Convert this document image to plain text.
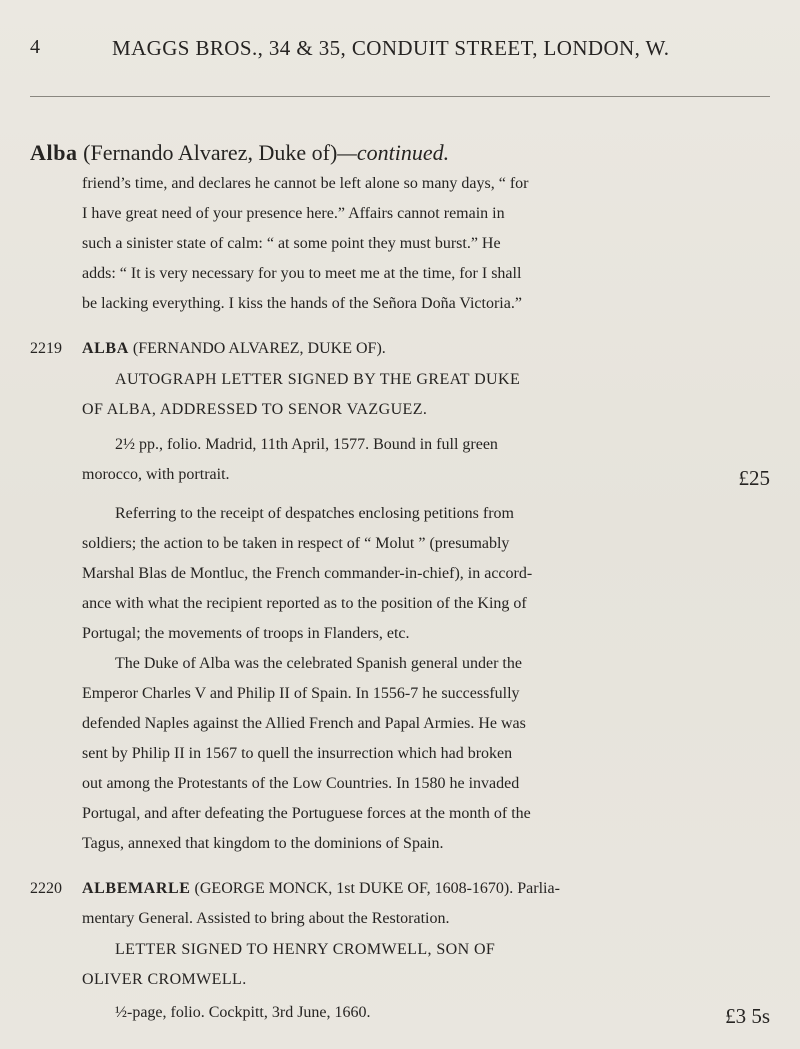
4	MAGGS BROS., 34 & 35, CONDUIT STREET, LONDON, W.
Alba (Fernando Alvarez, Duke of)—continued.
friend’s time, and declares he cannot be left alone so many days, “ for
I have great need of your presence here.” Affairs cannot remain in
such a sinister state of calm: “ at some point they must burst.” He
adds: “ It is very necessary for you to meet me at the time, for I shall
be lacking everything. I kiss the hands of the Señora Doña Victoria.”
2219 ALBA (FERNANDO ALVAREZ, DUKE OF).
AUTOGRAPH LETTER SIGNED BY THE GREAT DUKE
OF ALBA, ADDRESSED TO SENOR VAZGUEZ.
2½ pp., folio. Madrid, 11th April, 1577. Bound in full green
morocco, with portrait.	£25
Referring to the receipt of despatches enclosing petitions from
soldiers; the action to be taken in respect of “ Molut ” (presumably
Marshal Blas de Montluc, the French commander-in-chief), in accord-
ance with what the recipient reported as to the position of the King of
Portugal; the movements of troops in Flanders, etc.
The Duke of Alba was the celebrated Spanish general under the
Emperor Charles V and Philip II of Spain. In 1556-7 he successfully
defended Naples against the Allied French and Papal Armies. He was
sent by Philip II in 1567 to quell the insurrection which had broken
out among the Protestants of the Low Countries. In 1580 he invaded
Portugal, and after defeating the Portuguese forces at the month of the
Tagus, annexed that kingdom to the dominions of Spain.
2220 ALBEMARLE (GEORGE MONCK, 1st DUKE OF, 1608-1670). Parlia-
mentary General. Assisted to bring about the Restoration.
LETTER SIGNED TO HENRY CROMWELL, SON OF
OLIVER CROMWELL.
½-page, folio. Cockpitt, 3rd June, 1660.	£3 5s
